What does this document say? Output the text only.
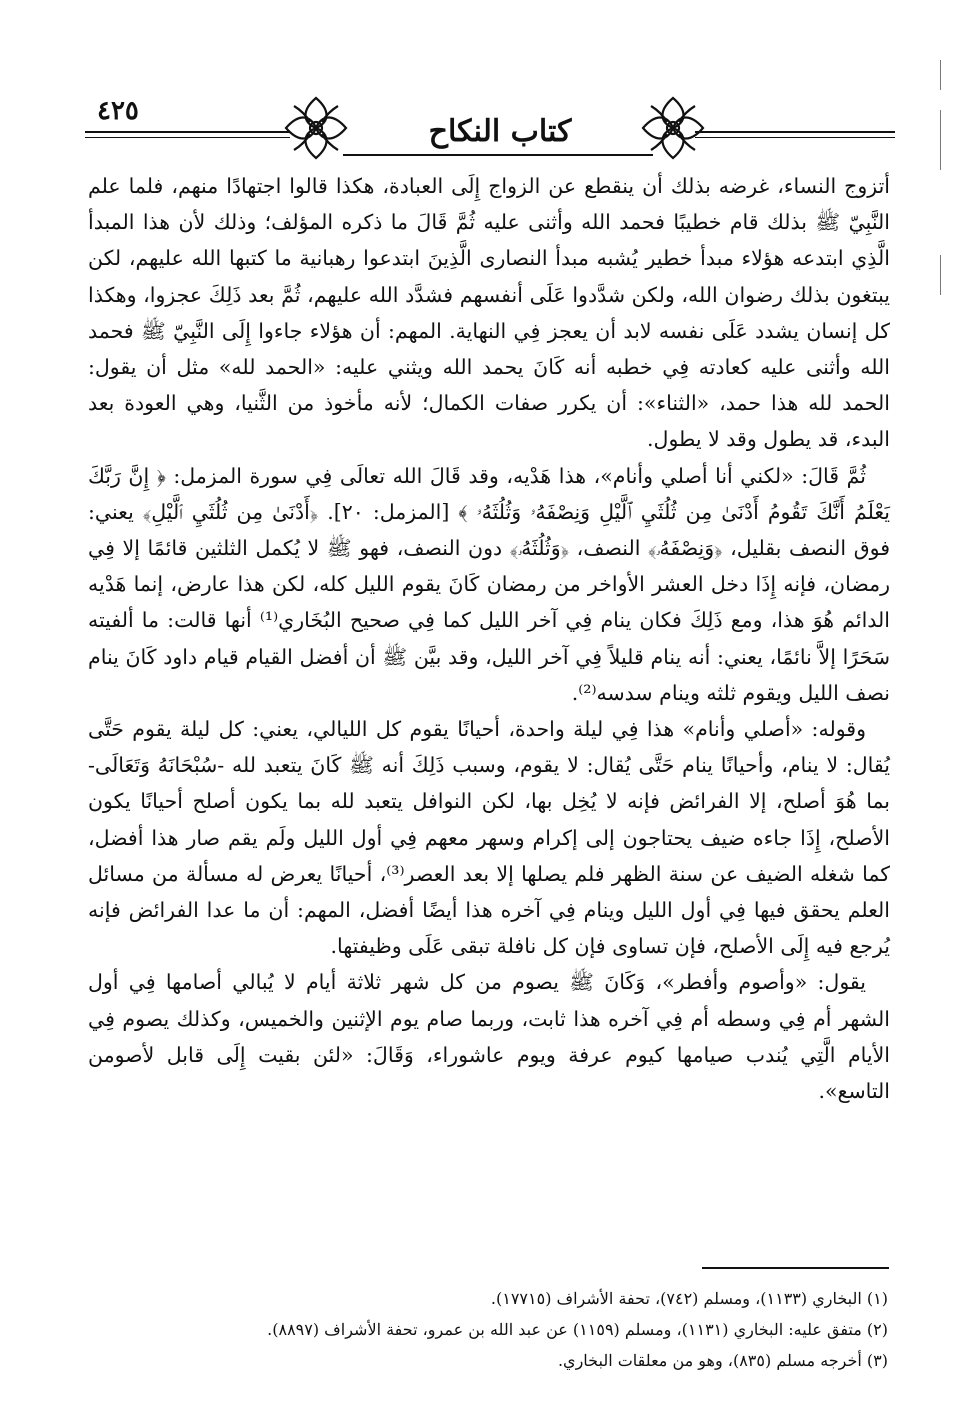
٤٢٥
كتاب النكاح

أتزوج النساء، غرضه بذلك أن ينقطع عن الزواج إِلَى العبادة، هكذا قالوا اجتهادًا منهم، فلما علم النَّبِيّ ﷺ بذلك قام خطيبًا فحمد الله وأثنى عليه ثُمَّ قَالَ ما ذكره المؤلف؛ وذلك لأن هذا المبدأ الَّذِي ابتدعه هؤلاء مبدأ خطير يُشبه مبدأ النصارى الَّذِينَ ابتدعوا رهبانية ما كتبها الله عليهم، لكن يبتغون بذلك رضوان الله، ولكن شدَّدوا عَلَى أنفسهم فشدَّد الله عليهم، ثُمَّ بعد ذَلِكَ عجزوا، وهكذا كل إنسان يشدد عَلَى نفسه لابد أن يعجز فِي النهاية. المهم: أن هؤلاء جاءوا إِلَى النَّبِيّ ﷺ فحمد الله وأثنى عليه كعادته فِي خطبه أنه كَانَ يحمد الله ويثني عليه: «الحمد لله» مثل أن يقول: الحمد لله هذا حمد، «الثناء»: أن يكرر صفات الكمال؛ لأنه مأخوذ من الثَّنيا، وهي العودة بعد البدء، قد يطول وقد لا يطول.

ثُمَّ قَالَ: «لكني أنا أصلي وأنام»، هذا هَدْيه، وقد قَالَ الله تعالَى فِي سورة المزمل: ﴿ إِنَّ رَبَّكَ يَعْلَمُ أَنَّكَ تَقُومُ أَدْنَىٰ مِن ثُلُثَيِ ٱلَّيْلِ وَنِصْفَهُۥ وَثُلُثَهُۥ ﴾ [المزمل: ٢٠]. ﴿أَدْنَىٰ مِن ثُلُثَيِ ٱلَّيْلِ﴾ يعني: فوق النصف بقليل، ﴿وَنِصْفَهُۥ﴾ النصف، ﴿وَثُلُثَهُۥ﴾ دون النصف، فهو ﷺ لا يُكمل الثلثين قائمًا إلا فِي رمضان، فإنه إِذَا دخل العشر الأواخر من رمضان كَانَ يقوم الليل كله، لكن هذا عارض، إنما هَدْيه الدائم هُوَ هذا، ومع ذَلِكَ فكان ينام فِي آخر الليل كما فِي صحيح البُخَاري⁽¹⁾ أنها قالت: ما ألفيته سَحَرًا إلاَّ نائمًا، يعني: أنه ينام قليلاً فِي آخر الليل، وقد بيَّن ﷺ أن أفضل القيام قيام داود كَانَ ينام نصف الليل ويقوم ثلثه وينام سدسه⁽²⁾.

وقوله: «أصلي وأنام» هذا فِي ليلة واحدة، أحيانًا يقوم كل الليالي، يعني: كل ليلة يقوم حَتَّى يُقال: لا ينام، وأحيانًا ينام حَتَّى يُقال: لا يقوم، وسبب ذَلِكَ أنه ﷺ كَانَ يتعبد لله -سُبْحَانَهُ وَتَعَالَى- بما هُوَ أصلح، إلا الفرائض فإنه لا يُخِل بها، لكن النوافل يتعبد لله بما يكون أصلح أحيانًا يكون الأصلح، إِذَا جاءه ضيف يحتاجون إلى إكرام وسهر معهم فِي أول الليل ولَم يقم صار هذا أفضل، كما شغله الضيف عن سنة الظهر فلم يصلها إلا بعد العصر⁽³⁾، أحيانًا يعرض له مسألة من مسائل العلم يحقق فيها فِي أول الليل وينام فِي آخره هذا أيضًا أفضل، المهم: أن ما عدا الفرائض فإنه يُرجع فيه إِلَى الأصلح، فإن تساوى فإن كل نافلة تبقى عَلَى وظيفتها.

يقول: «وأصوم وأفطر»، وَكَانَ ﷺ يصوم من كل شهر ثلاثة أيام لا يُبالي أصامها فِي أول الشهر أم فِي وسطه أم فِي آخره هذا ثابت، وربما صام يوم الإثنين والخميس، وكذلك يصوم فِي الأيام الَّتِي يُندب صيامها كيوم عرفة ويوم عاشوراء، وَقَالَ: «لئن بقيت إِلَى قابل لأصومن التاسع».

(١) البخاري (١١٣٣)، ومسلم (٧٤٢)، تحفة الأشراف (١٧٧١٥).

(٢) متفق عليه: البخاري (١١٣١)، ومسلم (١١٥٩) عن عبد الله بن عمرو، تحفة الأشراف (٨٨٩٧).

(٣) أخرجه مسلم (٨٣٥)، وهو من معلقات البخاري.
